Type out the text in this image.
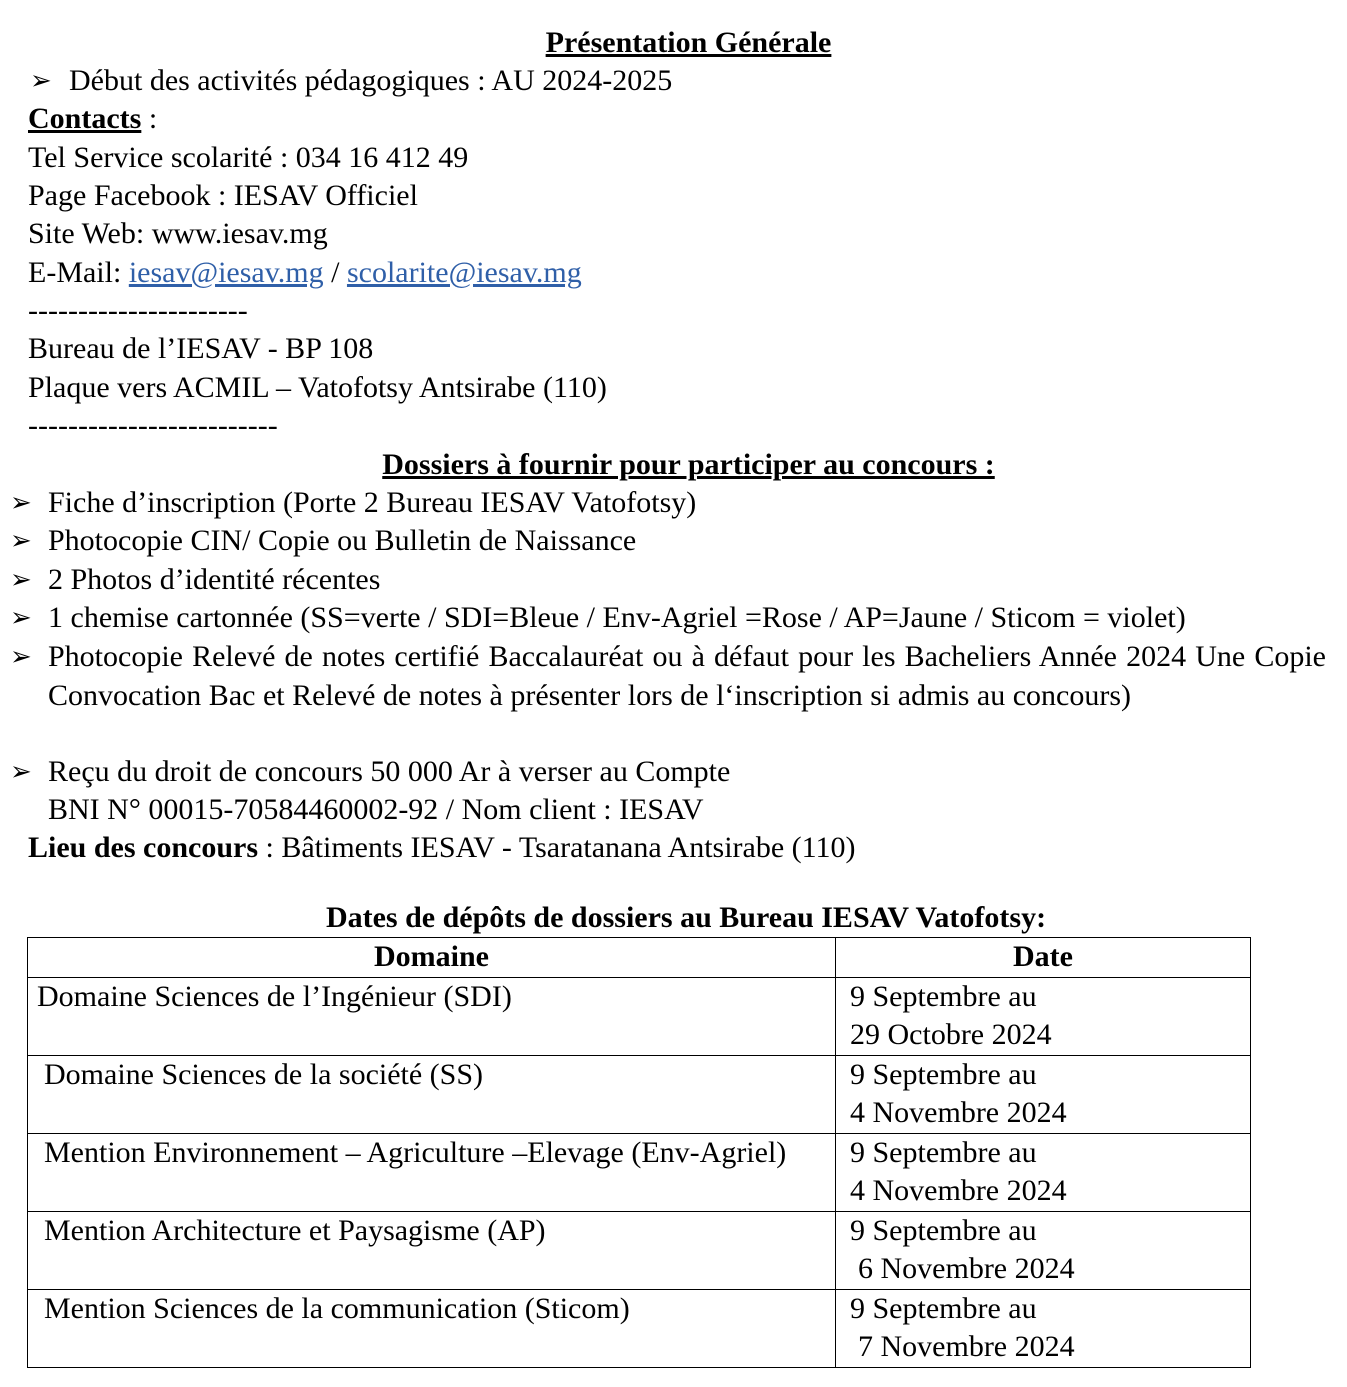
Présentation Générale
➢ Début des activités pédagogiques : AU 2024-2025
Contacts :
Tel Service scolarité : 034 16 412 49
Page Facebook : IESAV Officiel
Site Web: www.iesav.mg
E-Mail: iesav@iesav.mg / scolarite@iesav.mg
----------------------
Bureau de l’IESAV - BP 108
Plaque vers ACMIL – Vatofotsy Antsirabe (110)
-------------------------
Dossiers à fournir pour participer au concours :
➢ Fiche d’inscription (Porte 2 Bureau IESAV Vatofotsy)
➢ Photocopie CIN/ Copie ou Bulletin de Naissance
➢ 2 Photos d’identité récentes
➢ 1 chemise cartonnée (SS=verte / SDI=Bleue / Env-Agriel =Rose / AP=Jaune / Sticom = violet)
➢ Photocopie Relevé de notes certifié Baccalauréat ou à défaut pour les Bacheliers Année 2024 Une Copie Convocation Bac et Relevé de notes à présenter lors de l‘inscription si admis au concours)
➢ Reçu du droit de concours 50 000 Ar à verser au Compte
BNI N° 00015-70584460002-92 / Nom client : IESAV
Lieu des concours : Bâtiments IESAV - Tsaratanana Antsirabe (110)
Dates de dépôts de dossiers au Bureau IESAV Vatofotsy:
Domaine	Date
Domaine Sciences de l’Ingénieur (SDI)	9 Septembre au
29 Octobre 2024

Domaine Sciences de la société (SS)	9 Septembre au
4 Novembre 2024

Mention Environnement – Agriculture –Elevage (Env-Agriel)	9 Septembre au
4 Novembre 2024

Mention Architecture et Paysagisme (AP)	9 Septembre au
6 Novembre 2024

Mention Sciences de la communication (Sticom)	9 Septembre au
7 Novembre 2024
